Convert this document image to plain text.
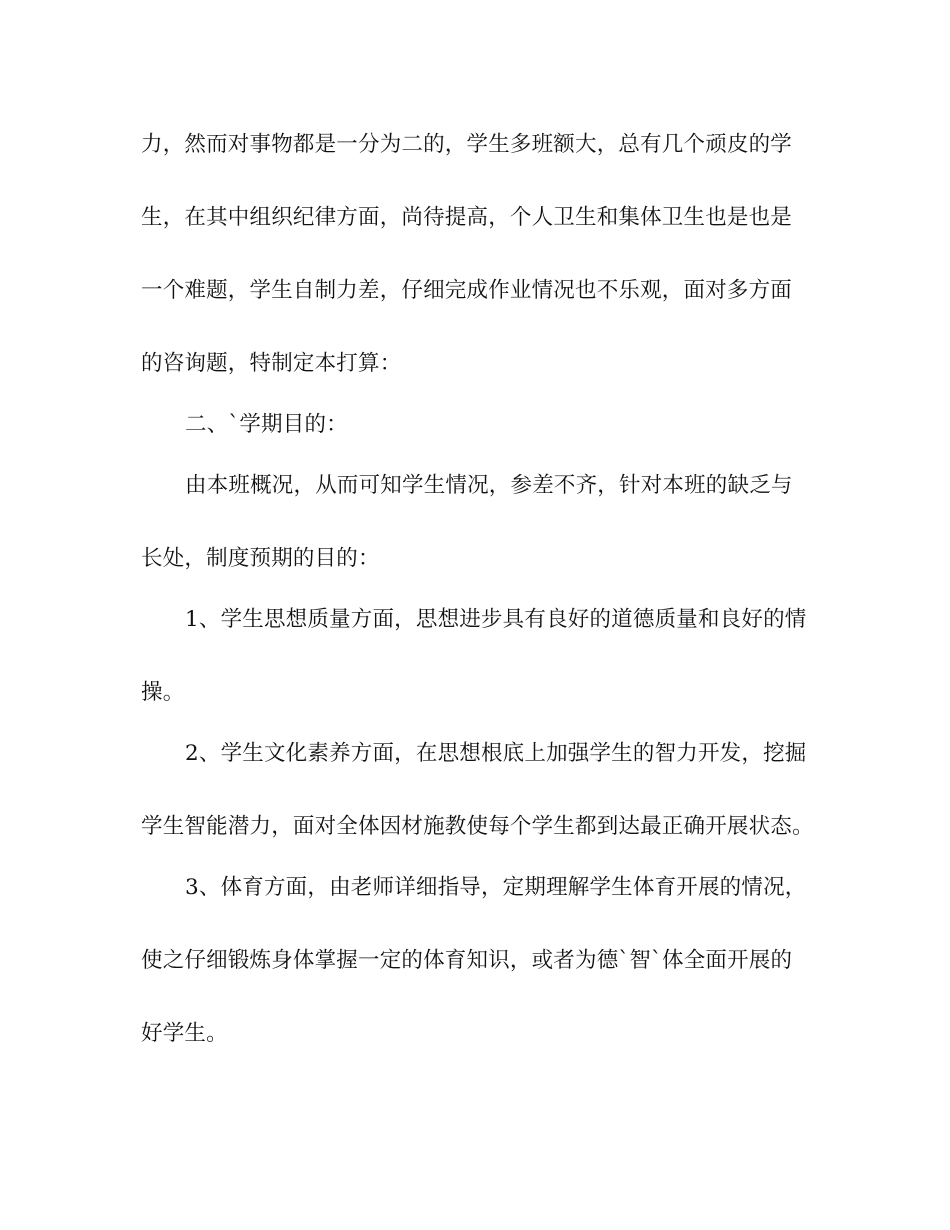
力，然而对事物都是一分为二的，学生多班额大，总有几个顽皮的学
生，在其中组织纪律方面，尚待提高，个人卫生和集体卫生也是也是
一个难题，学生自制力差，仔细完成作业情况也不乐观，面对多方面
的咨询题，特制定本打算：
二、`学期目的：
由本班概况，从而可知学生情况，参差不齐，针对本班的缺乏与
长处，制度预期的目的：
1、学生思想质量方面，思想进步具有良好的道德质量和良好的情
操。
2、学生文化素养方面，在思想根底上加强学生的智力开发，挖掘
学生智能潜力，面对全体因材施教使每个学生都到达最正确开展状态。
3、体育方面，由老师详细指导，定期理解学生体育开展的情况，
使之仔细锻炼身体掌握一定的体育知识，或者为德`智`体全面开展的
好学生。
